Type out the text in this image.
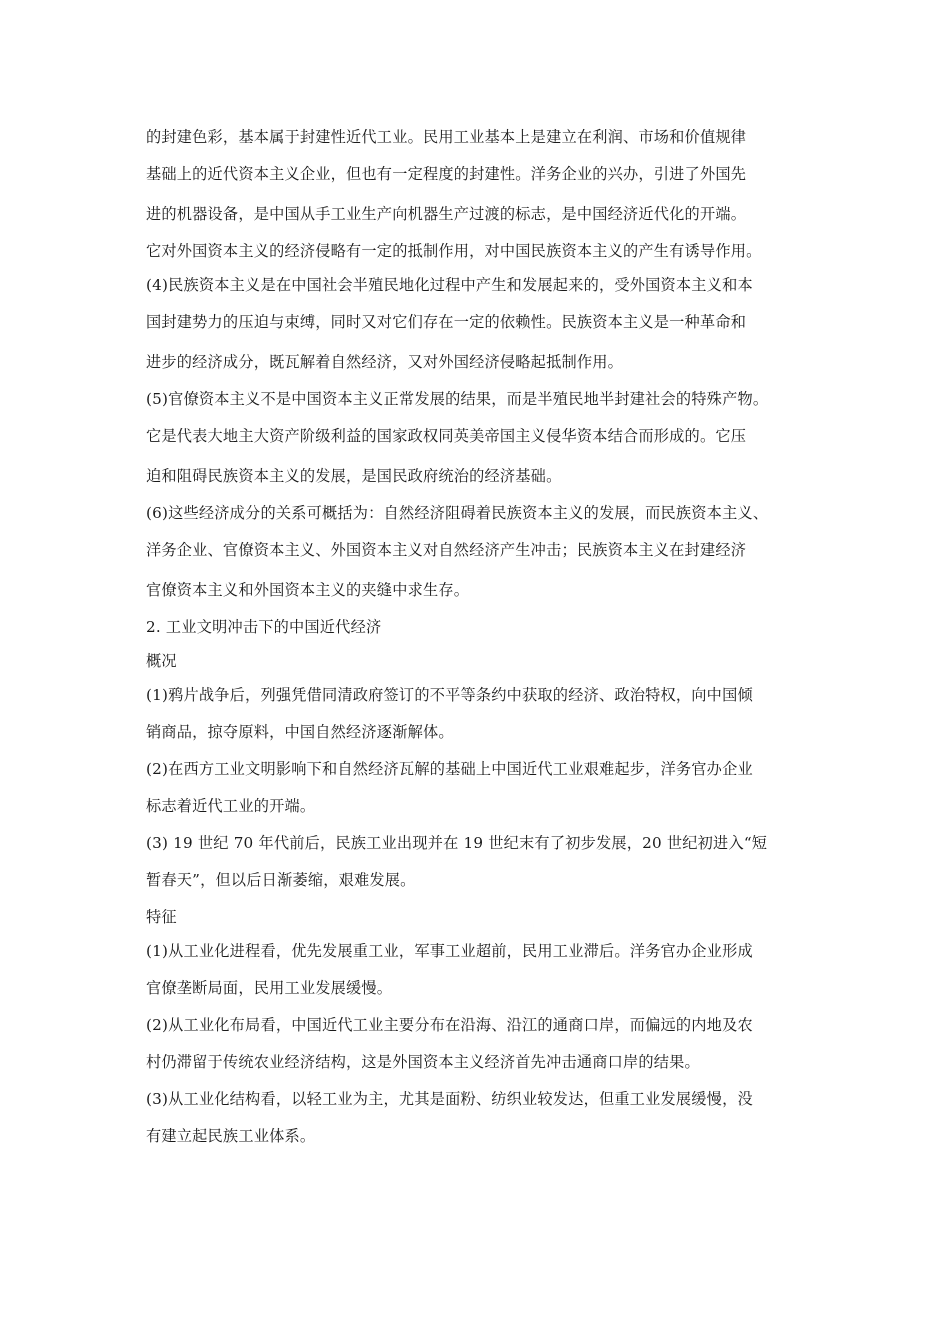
的封建色彩，基本属于封建性近代工业。民用工业基本上是建立在利润、市场和价值规律
基础上的近代资本主义企业，但也有一定程度的封建性。洋务企业的兴办，引进了外国先
进的机器设备，是中国从手工业生产向机器生产过渡的标志，是中国经济近代化的开端。
它对外国资本主义的经济侵略有一定的抵制作用，对中国民族资本主义的产生有诱导作用。
(4)民族资本主义是在中国社会半殖民地化过程中产生和发展起来的，受外国资本主义和本
国封建势力的压迫与束缚，同时又对它们存在一定的依赖性。民族资本主义是一种革命和
进步的经济成分，既瓦解着自然经济，又对外国经济侵略起抵制作用。
(5)官僚资本主义不是中国资本主义正常发展的结果，而是半殖民地半封建社会的特殊产物。
它是代表大地主大资产阶级利益的国家政权同英美帝国主义侵华资本结合而形成的。它压
迫和阻碍民族资本主义的发展，是国民政府统治的经济基础。
(6)这些经济成分的关系可概括为：自然经济阻碍着民族资本主义的发展，而民族资本主义、
洋务企业、官僚资本主义、外国资本主义对自然经济产生冲击；民族资本主义在封建经济
官僚资本主义和外国资本主义的夹缝中求生存。
2. 工业文明冲击下的中国近代经济
概况
(1)鸦片战争后，列强凭借同清政府签订的不平等条约中获取的经济、政治特权，向中国倾
销商品，掠夺原料，中国自然经济逐渐解体。
(2)在西方工业文明影响下和自然经济瓦解的基础上中国近代工业艰难起步，洋务官办企业
标志着近代工业的开端。
(3) 19 世纪 70 年代前后，民族工业出现并在 19 世纪末有了初步发展，20 世纪初进入“短
暂春天”，但以后日渐萎缩，艰难发展。
特征
(1)从工业化进程看，优先发展重工业，军事工业超前，民用工业滞后。洋务官办企业形成
官僚垄断局面，民用工业发展缓慢。
(2)从工业化布局看，中国近代工业主要分布在沿海、沿江的通商口岸，而偏远的内地及农
村仍滞留于传统农业经济结构，这是外国资本主义经济首先冲击通商口岸的结果。
(3)从工业化结构看，以轻工业为主，尤其是面粉、纺织业较发达，但重工业发展缓慢，没
有建立起民族工业体系。
